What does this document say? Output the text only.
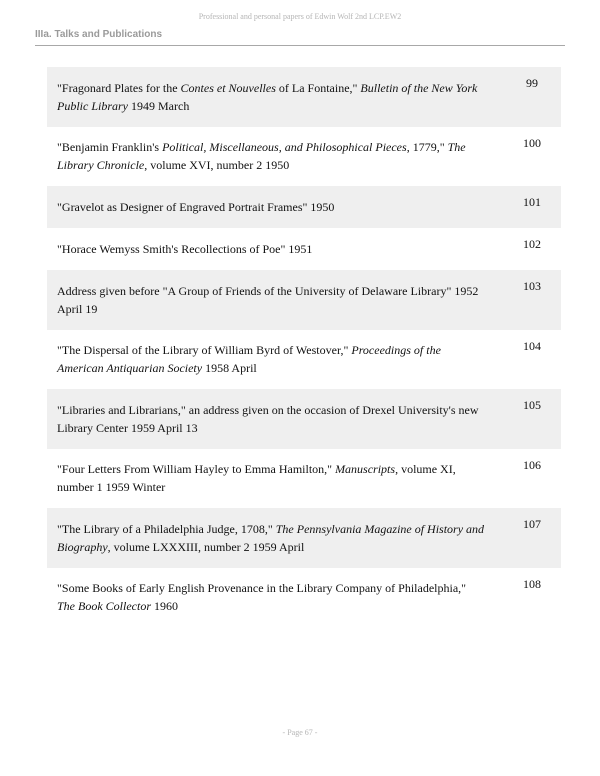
Professional and personal papers of Edwin Wolf 2nd LCP.EW2
IIIa. Talks and Publications
"Fragonard Plates for the Contes et Nouvelles of La Fontaine," Bulletin of the New York Public Library 1949 March
99
"Benjamin Franklin's Political, Miscellaneous, and Philosophical Pieces, 1779," The Library Chronicle, volume XVI, number 2 1950
100
"Gravelot as Designer of Engraved Portrait Frames" 1950	101
"Horace Wemyss Smith's Recollections of Poe" 1951	102
Address given before "A Group of Friends of the University of Delaware Library" 1952 April 19
103
"The Dispersal of the Library of William Byrd of Westover," Proceedings of the American Antiquarian Society 1958 April
104
"Libraries and Librarians," an address given on the occasion of Drexel University's new Library Center 1959 April 13
105
"Four Letters From William Hayley to Emma Hamilton," Manuscripts, volume XI, number 1 1959 Winter
106
"The Library of a Philadelphia Judge, 1708," The Pennsylvania Magazine of History and Biography, volume LXXXIII, number 2 1959 April
107
"Some Books of Early English Provenance in the Library Company of Philadelphia," The Book Collector 1960
108
- Page 67 -
